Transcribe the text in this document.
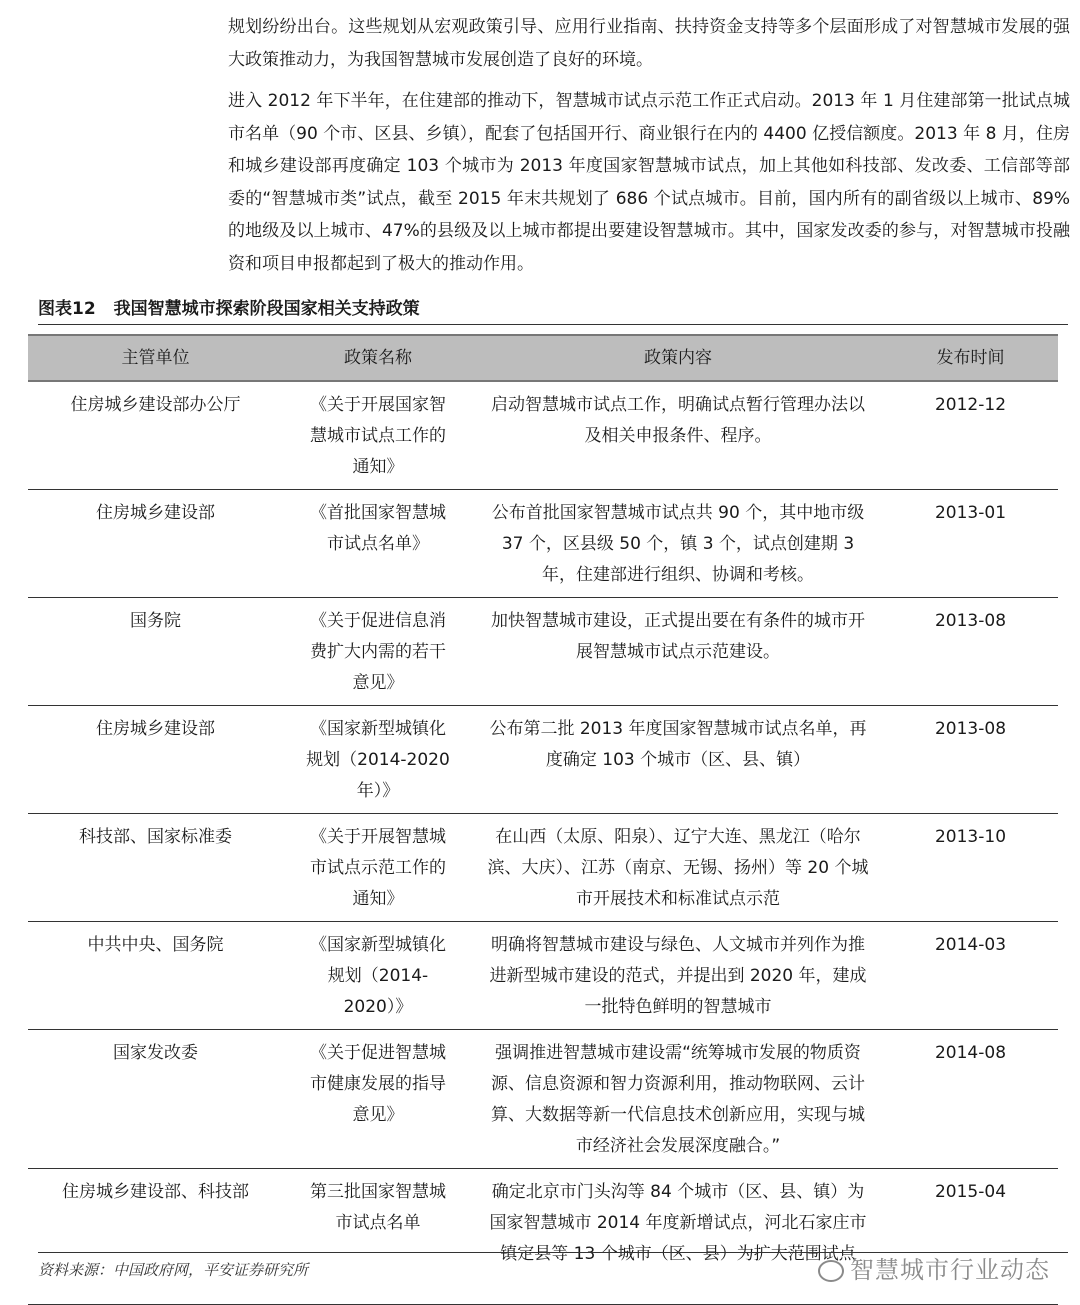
规划纷纷出台。这些规划从宏观政策引导、应用行业指南、扶持资金支持等多个层面形成了对智慧城市发展的强大政策推动力，为我国智慧城市发展创造了良好的环境。

进入 2012 年下半年，在住建部的推动下，智慧城市试点示范工作正式启动。2013 年 1 月住建部第一批试点城市名单（90 个市、区县、乡镇），配套了包括国开行、商业银行在内的 4400 亿授信额度。2013 年 8 月，住房和城乡建设部再度确定 103 个城市为 2013 年度国家智慧城市试点，加上其他如科技部、发改委、工信部等部委的“智慧城市类”试点，截至 2015 年末共规划了 686 个试点城市。目前，国内所有的副省级以上城市、89%的地级及以上城市、47%的县级及以上城市都提出要建设智慧城市。其中，国家发改委的参与，对智慧城市投融资和项目申报都起到了极大的推动作用。

图表12 我国智慧城市探索阶段国家相关支持政策
主管单位	政策名称	政策内容	发布时间
住房城乡建设部办公厅	《关于开展国家智慧城市试点工作的通知》	启动智慧城市试点工作，明确试点暂行管理办法以及相关申报条件、程序。	2012-12
住房城乡建设部	《首批国家智慧城市试点名单》	公布首批国家智慧城市试点共 90 个，其中地市级 37 个，区县级 50 个，镇 3 个，试点创建期 3 年，住建部进行组织、协调和考核。	2013-01
国务院	《关于促进信息消费扩大内需的若干意见》	加快智慧城市建设，正式提出要在有条件的城市开展智慧城市试点示范建设。	2013-08
住房城乡建设部	《国家新型城镇化规划（2014-2020 年）》	公布第二批 2013 年度国家智慧城市试点名单，再度确定 103 个城市（区、县、镇）	2013-08
科技部、国家标准委	《关于开展智慧城市试点示范工作的通知》	在山西（太原、阳泉）、辽宁大连、黑龙江（哈尔滨、大庆）、江苏（南京、无锡、扬州）等 20 个城市开展技术和标准试点示范	2013-10
中共中央、国务院	《国家新型城镇化规划（2014-2020）》	明确将智慧城市建设与绿色、人文城市并列作为推进新型城市建设的范式，并提出到 2020 年，建成一批特色鲜明的智慧城市	2014-03
国家发改委	《关于促进智慧城市健康发展的指导意见》	强调推进智慧城市建设需“统筹城市发展的物质资源、信息资源和智力资源利用，推动物联网、云计算、大数据等新一代信息技术创新应用，实现与城市经济社会发展深度融合。”	2014-08
住房城乡建设部、科技部	第三批国家智慧城市试点名单	确定北京市门头沟等 84 个城市（区、县、镇）为国家智慧城市 2014 年度新增试点，河北石家庄市镇定县等 13 个城市（区、县）为扩大范围试点	2015-04
资料来源：中国政府网，平安证券研究所	智慧城市行业动态
